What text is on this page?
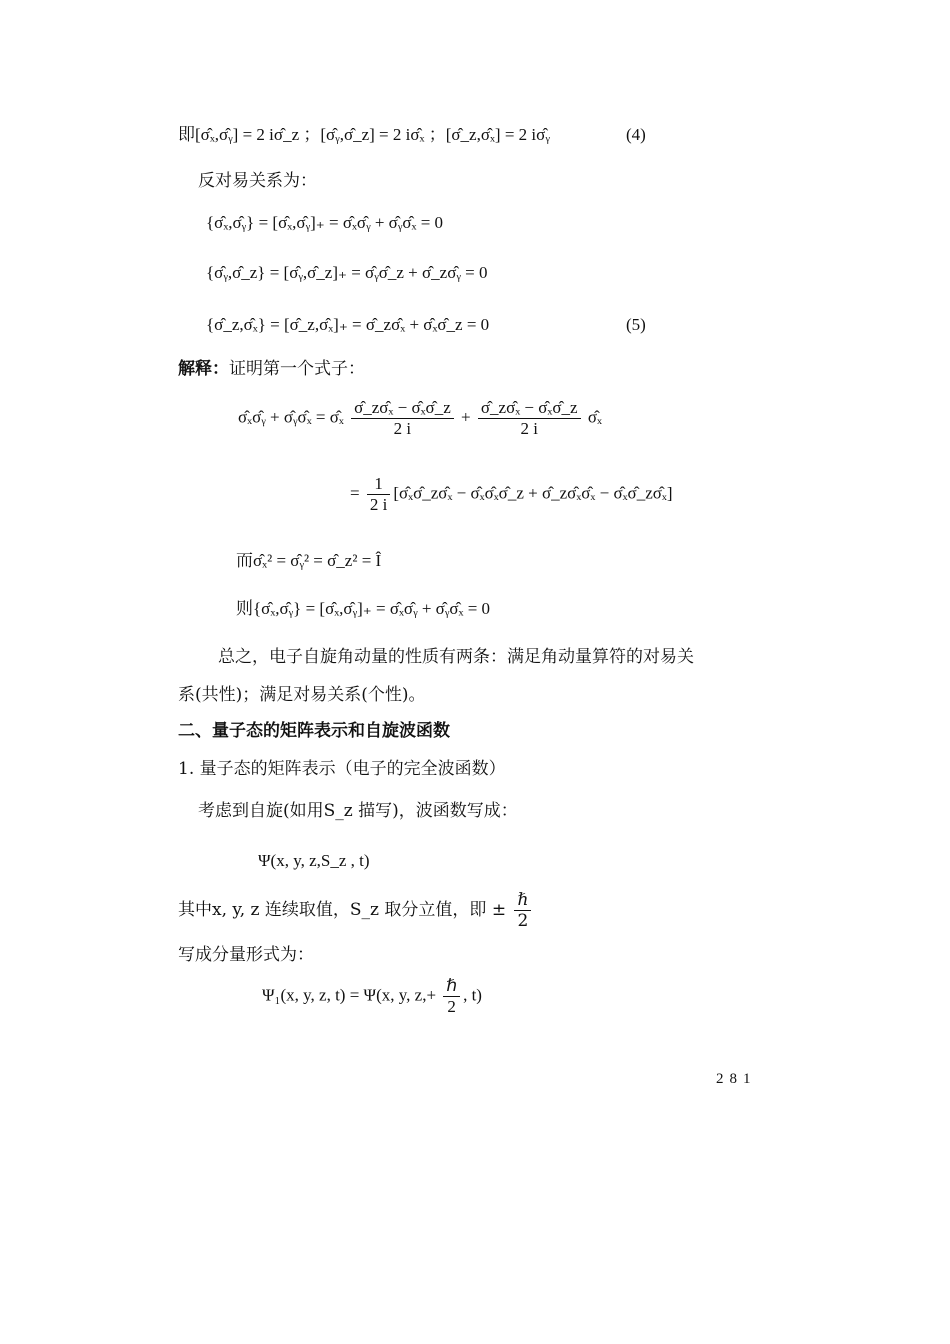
即[σ̂ₓ,σ̂ᵧ] = 2 iσ̂_z ；[σ̂ᵧ,σ̂_z] = 2 iσ̂ₓ ；[σ̂_z,σ̂ₓ] = 2 iσ̂ᵧ	(4)
反对易关系为：
{σ̂ₓ,σ̂ᵧ} = [σ̂ₓ,σ̂ᵧ]₊ = σ̂ₓσ̂ᵧ + σ̂ᵧσ̂ₓ = 0
{σ̂ᵧ,σ̂_z} = [σ̂ᵧ,σ̂_z]₊ = σ̂ᵧσ̂_z + σ̂_zσ̂ᵧ = 0
{σ̂_z,σ̂ₓ} = [σ̂_z,σ̂ₓ]₊ = σ̂_zσ̂ₓ + σ̂ₓσ̂_z = 0	(5)
解释：证明第一个式子：
σ̂ₓσ̂ᵧ + σ̂ᵧσ̂ₓ = σ̂ₓ $\frac{\text{σ̂\_zσ̂ₓ − σ̂ₓσ̂\_z}}{2 i} + \frac{\text{σ̂\_zσ̂ₓ − σ̂ₓσ̂\_z}}{2 i}$ σ̂ₓ
= $\frac{1}{2 i}$ [σ̂ₓσ̂_zσ̂ₓ − σ̂ₓσ̂ₓσ̂_z + σ̂_zσ̂ₓσ̂ₓ − σ̂ₓσ̂_zσ̂ₓ]
而σ̂ₓ² = σ̂ᵧ² = σ̂_z² = Î
则{σ̂ₓ,σ̂ᵧ} = [σ̂ₓ,σ̂ᵧ]₊ = σ̂ₓσ̂ᵧ + σ̂ᵧσ̂ₓ = 0
总之，电子自旋角动量的性质有两条：满足角动量算符的对易关
系(共性)；满足对易关系(个性)。
二、量子态的矩阵表示和自旋波函数
1. 量子态的矩阵表示（电子的完全波函数）
考虑到自旋(如用S_z 描写)，波函数写成：
Ψ(x, y, z,S_z , t)
其中x, y, z 连续取值，S_z 取分立值，即 ± $\frac{\text{ℏ}}{2}$
写成分量形式为：
Ψ₁(x, y, z, t) = Ψ(x, y, $z,+ \frac{\text{ℏ}}{2}$ , t)
281
